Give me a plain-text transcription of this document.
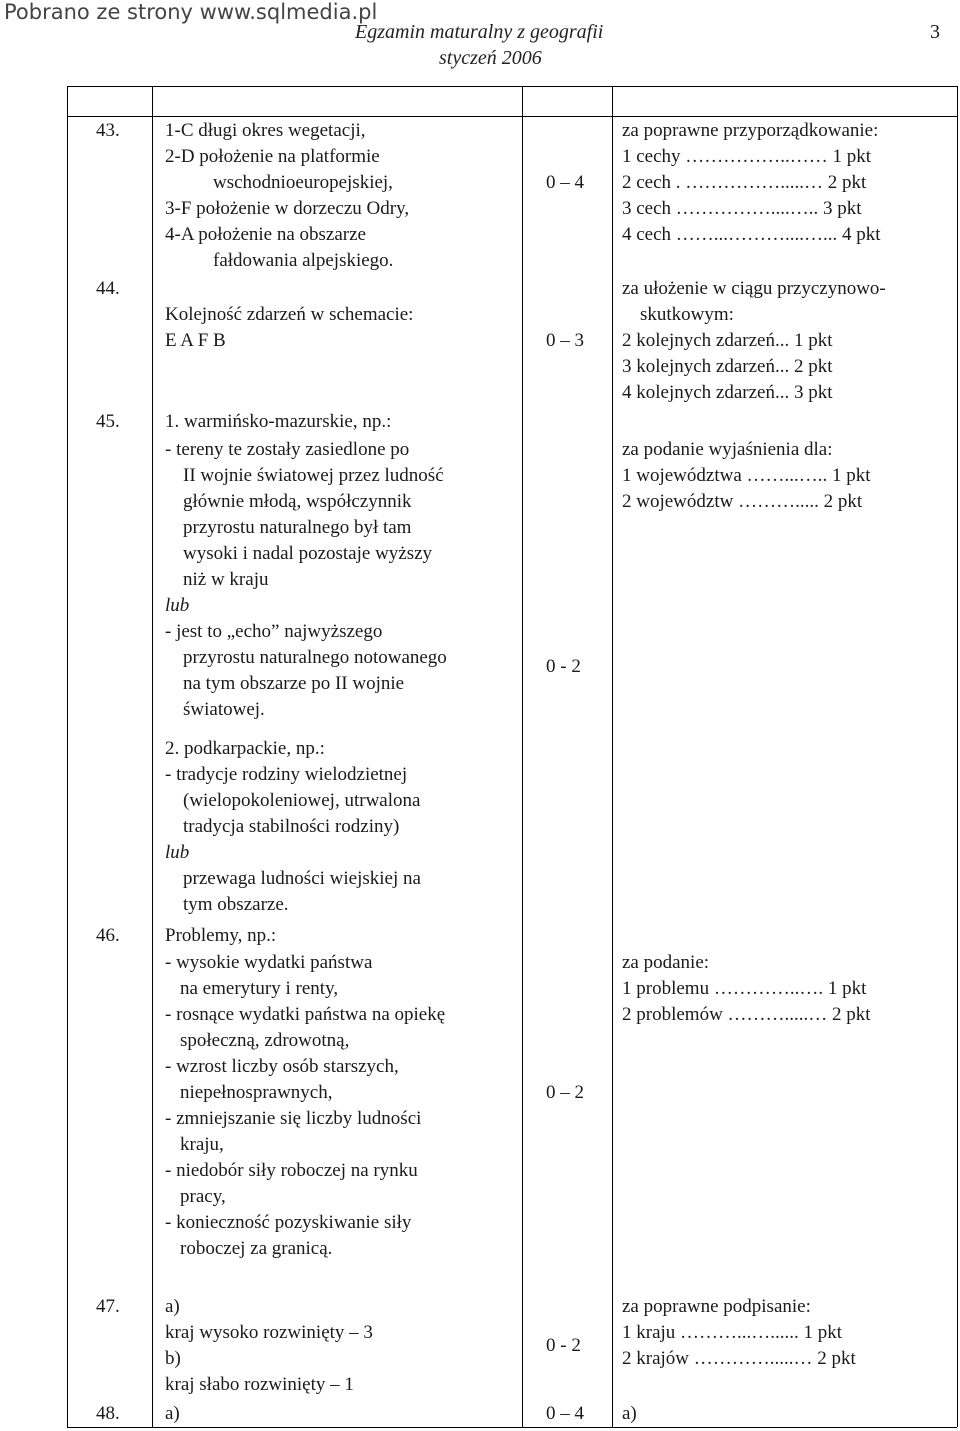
Pobrano ze strony www.sqlmedia.pl
Egzamin maturalny z geografii
styczeń 2006
3
43. 1-C długi okres wegetacji,
2-D położenie na platformie
wschodnioeuropejskiej,
3-F położenie w dorzeczu Odry,
4-A położenie na obszarze
fałdowania alpejskiego.
0 – 4
za poprawne przyporządkowanie:
1 cechy ……………..…… 1 pkt
2 cech . …………….....… 2 pkt
3 cech ……………....….. 3 pkt
4 cech ……...………....…... 4 pkt
44.
Kolejność zdarzeń w schemacie:
E A F B	0 – 3
za ułożenie w ciągu przyczynowo-
skutkowym:
2 kolejnych zdarzeń... 1 pkt
3 kolejnych zdarzeń... 2 pkt
4 kolejnych zdarzeń... 3 pkt
45. 1. warmińsko-mazurskie, np.:
- tereny te zostały zasiedlone po
II wojnie światowej przez ludność
głównie młodą, współczynnik
przyrostu naturalnego był tam
wysoki i nadal pozostaje wyższy
niż w kraju
lub
- jest to „echo” najwyższego
przyrostu naturalnego notowanego
na tym obszarze po II wojnie
światowej.
2. podkarpackie, np.:
- tradycje rodziny wielodzietnej
(wielopokoleniowej, utrwalona
tradycja stabilności rodziny)
lub
przewaga ludności wiejskiej na
tym obszarze.
0 - 2
za podanie wyjaśnienia dla:
1 województwa ……...….. 1 pkt
2 województw ………..... 2 pkt
46. Problemy, np.:
- wysokie wydatki państwa
na emerytury i renty,
- rosnące wydatki państwa na opiekę
społeczną, zdrowotną,
- wzrost liczby osób starszych,
niepełnosprawnych,
- zmniejszanie się liczby ludności
kraju,
- niedobór siły roboczej na rynku
pracy,
- konieczność pozyskiwanie siły
roboczej za granicą.
0 – 2
za podanie:
1 problemu …………..…. 1 pkt
2 problemów ……….....… 2 pkt
47. a)
kraj wysoko rozwinięty – 3
b)
kraj słabo rozwinięty – 1
0 - 2
za poprawne podpisanie:
1 kraju ………...…...... 1 pkt
2 krajów ………….....… 2 pkt
48. a)	0 – 4 a)
